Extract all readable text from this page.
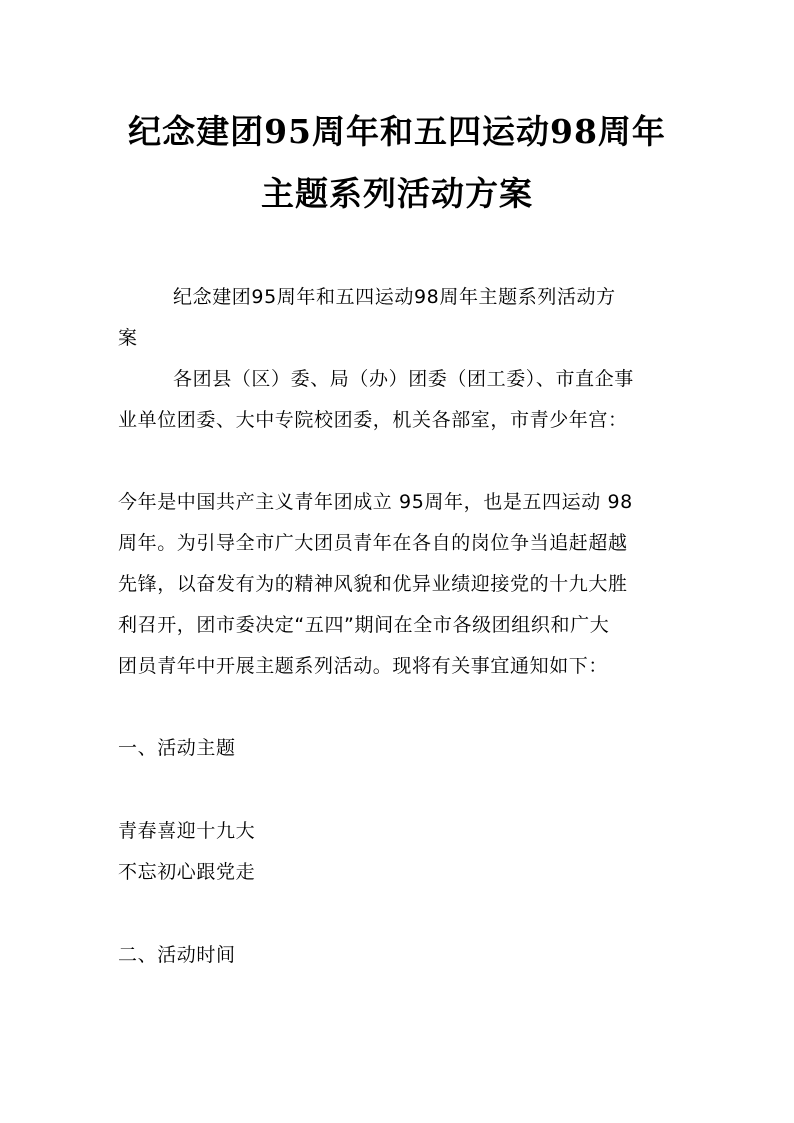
纪念建团95周年和五四运动98周年
主题系列活动方案

纪念建团95周年和五四运动98周年主题系列活动方

案

各团县（区）委、局（办）团委（团工委）、市直企事

业单位团委、大中专院校团委，机关各部室，市青少年宫：

今年是中国共产主义青年团成立 95周年，也是五四运动 98

周年。为引导全市广大团员青年在各自的岗位争当追赶超越

先锋，以奋发有为的精神风貌和优异业绩迎接党的十九大胜

利召开，团市委决定“五四”期间在全市各级团组织和广大

团员青年中开展主题系列活动。现将有关事宜通知如下：

一、活动主题

青春喜迎十九大

不忘初心跟党走

二、活动时间
